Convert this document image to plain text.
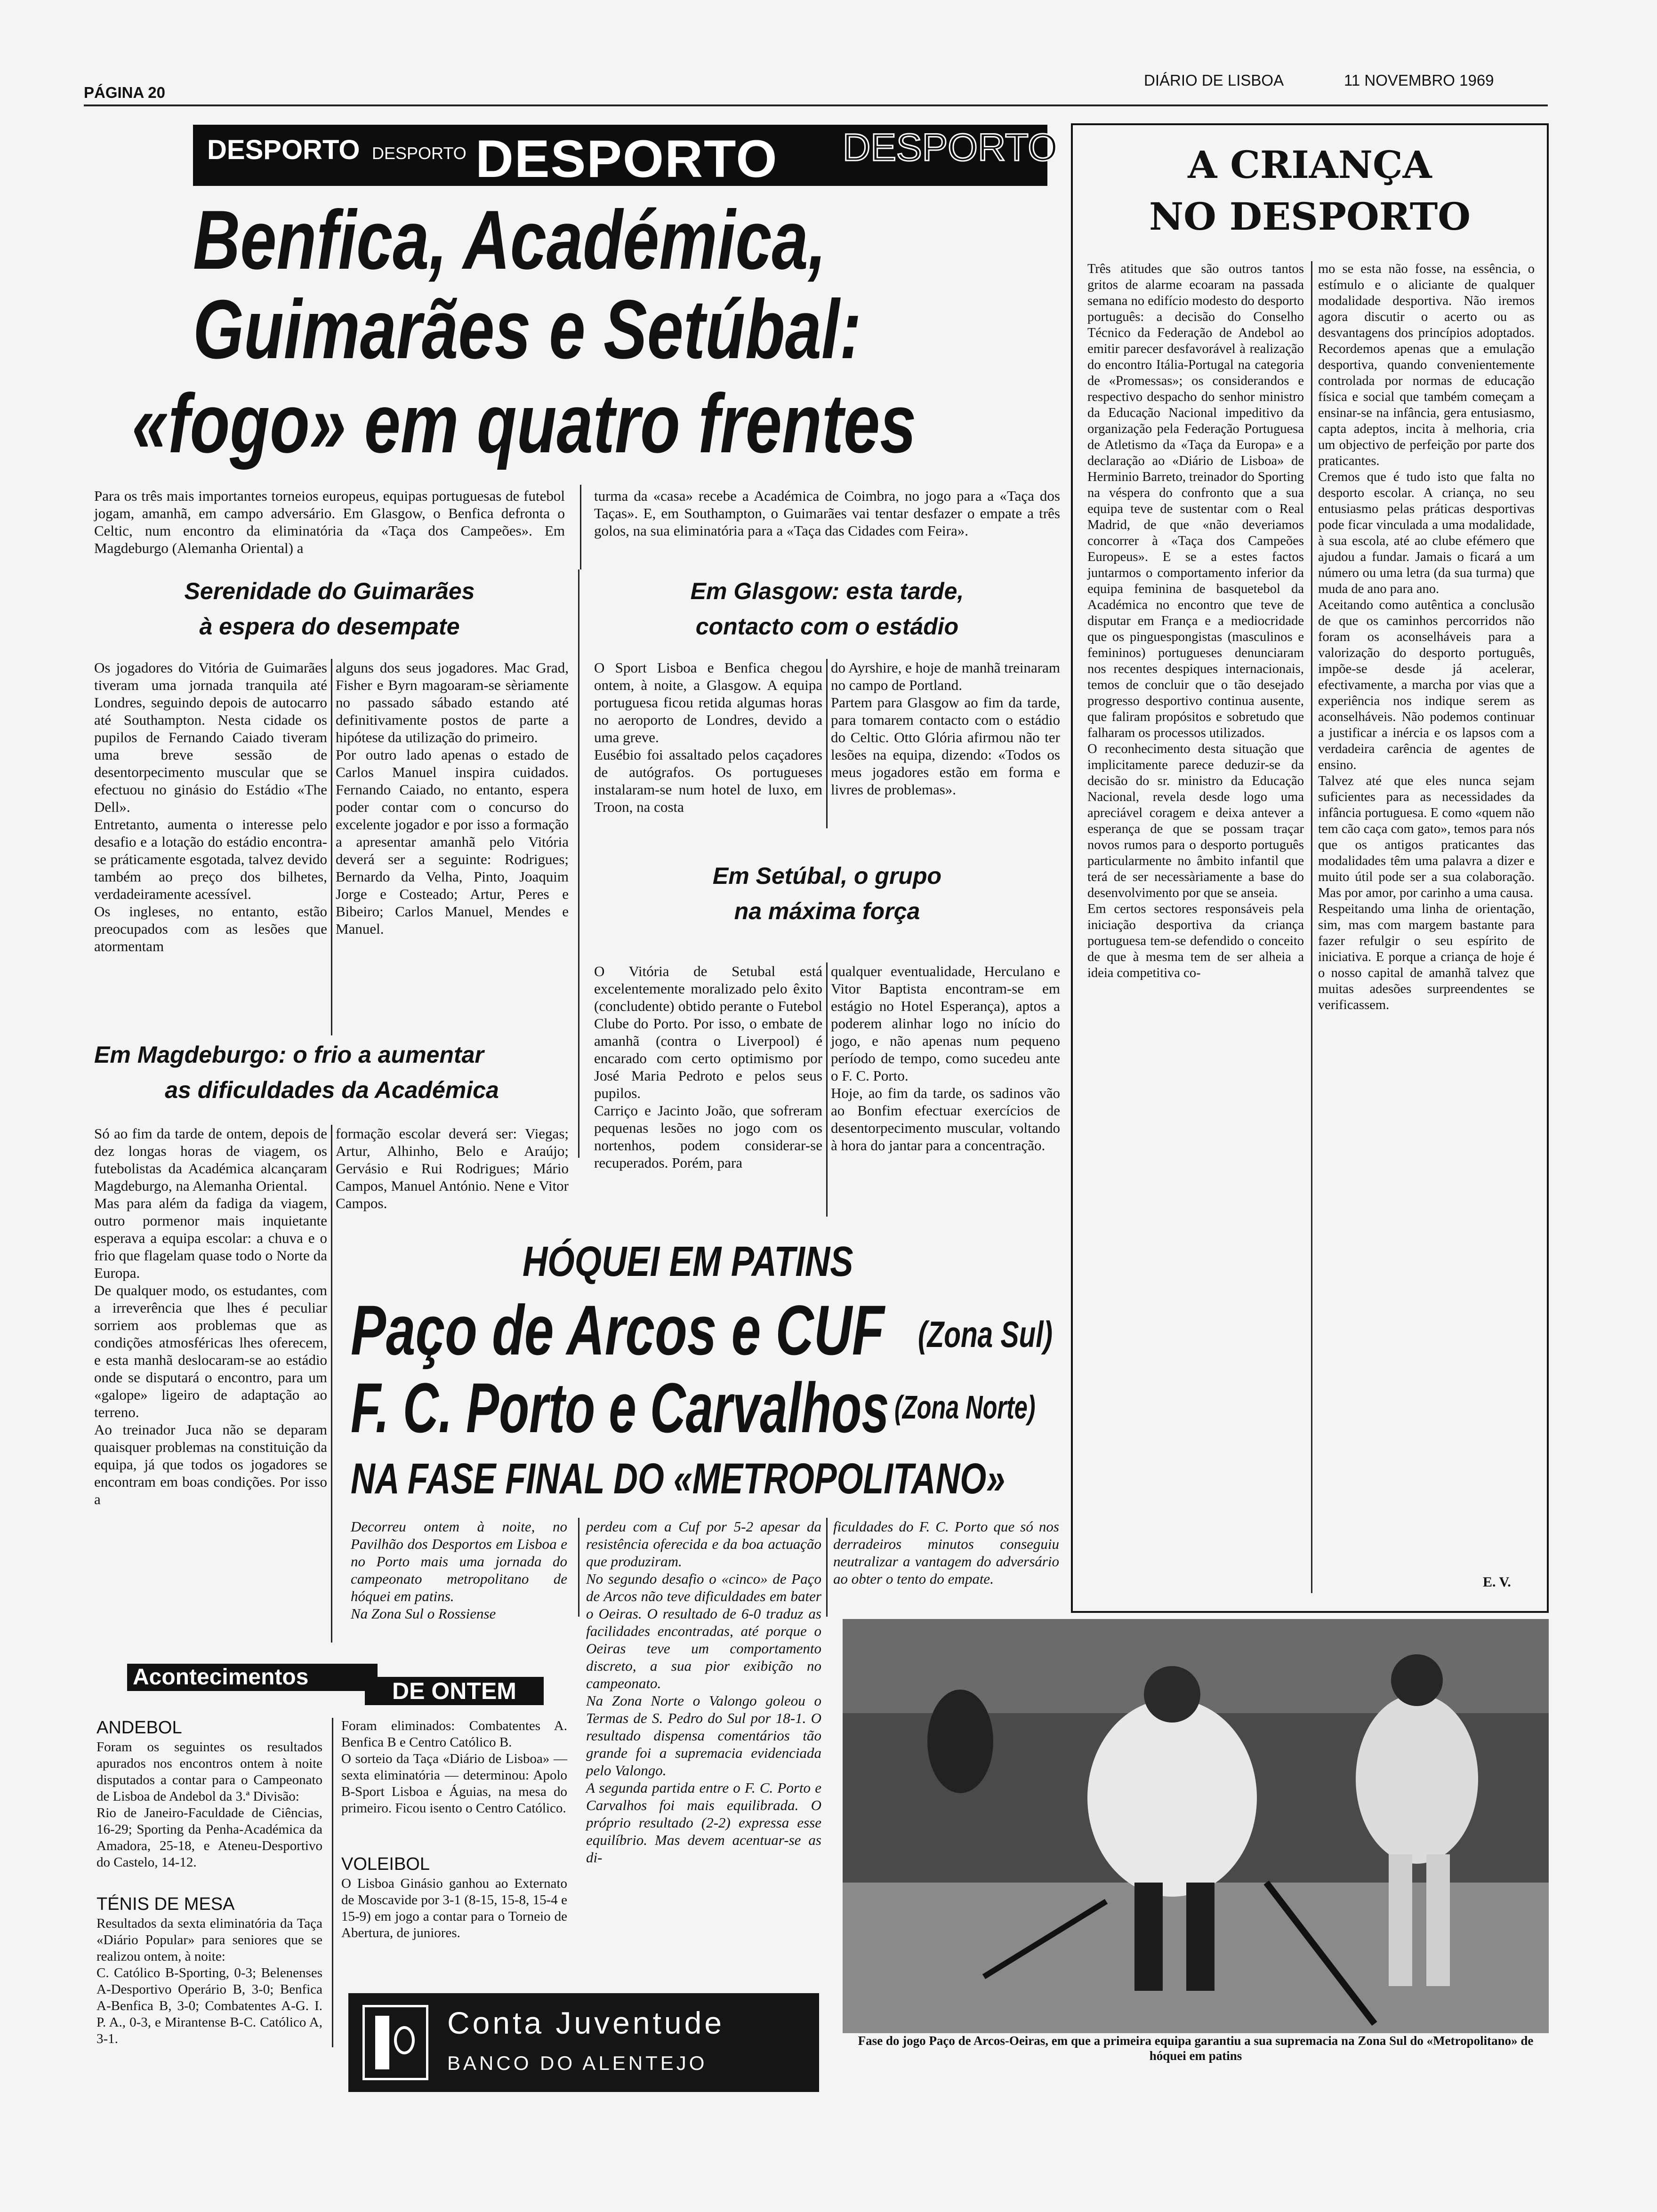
PÁGINA 20
DIÁRIO DE LISBOA	11 NOVEMBRO 1969
DESPORTO DESPORTO DESPORTO DESPORTO
Benfica, Académica,
Guimarães e Setúbal:
«fogo» em quatro frentes
Para os três mais importantes torneios europeus, equipas portuguesas de futebol jogam, amanhã, em campo adversário. Em Glasgow, o Benfica defronta o Celtic, num encontro da eliminatória da «Taça dos Campeões». Em Magdeburgo (Alemanha Oriental) a
turma da «casa» recebe a Académica de Coimbra, no jogo para a «Taça dos Taças». E, em Southampton, o Guimarães vai tentar desfazer o empate a três golos, na sua eliminatória para a «Taça das Cidades com Feira».
Serenidade do Guimarães
à espera do desempate
Os jogadores do Vitória de Guimarães tiveram uma jornada tranquila até Londres, seguindo depois de autocarro até Southampton. Nesta cidade os pupilos de Fernando Caiado tiveram uma breve sessão de desentorpecimento muscular que se efectuou no ginásio do Estádio «The Dell».
Entretanto, aumenta o interesse pelo desafio e a lotação do estádio encontra-se práticamente esgotada, talvez devido também ao preço dos bilhetes, verdadeiramente acessível.
Os ingleses, no entanto, estão preocupados com as lesões que atormentam
alguns dos seus jogadores. Mac Grad, Fisher e Byrn magoaram-se sèriamente no passado sábado estando até definitivamente postos de parte a hipótese da utilização do primeiro.
Por outro lado apenas o estado de Carlos Manuel inspira cuidados. Fernando Caiado, no entanto, espera poder contar com o concurso do excelente jogador e por isso a formação a apresentar amanhã pelo Vitória deverá ser a seguinte: Rodrigues; Bernardo da Velha, Pinto, Joaquim Jorge e Costeado; Artur, Peres e Bibeiro; Carlos Manuel, Mendes e Manuel.
Em Glasgow: esta tarde,
contacto com o estádio
O Sport Lisboa e Benfica chegou ontem, à noite, a Glasgow. A equipa portuguesa ficou retida algumas horas no aeroporto de Londres, devido a uma greve.
Eusébio foi assaltado pelos caçadores de autógrafos. Os portugueses instalaram-se num hotel de luxo, em Troon, na costa
do Ayrshire, e hoje de manhã treinaram no campo de Portland.
Partem para Glasgow ao fim da tarde, para tomarem contacto com o estádio do Celtic. Otto Glória afirmou não ter lesões na equipa, dizendo: «Todos os meus jogadores estão em forma e livres de problemas».
Em Setúbal, o grupo
na máxima força
O Vitória de Setubal está excelentemente moralizado pelo êxito (concludente) obtido perante o Futebol Clube do Porto. Por isso, o embate de amanhã (contra o Liverpool) é encarado com certo optimismo por José Maria Pedroto e pelos seus pupilos.
Carriço e Jacinto João, que sofreram pequenas lesões no jogo com os nortenhos, podem considerar-se recuperados. Porém, para
qualquer eventualidade, Herculano e Vitor Baptista encontram-se em estágio no Hotel Esperança), aptos a poderem alinhar logo no início do jogo, e não apenas num pequeno período de tempo, como sucedeu ante o F. C. Porto.
Hoje, ao fim da tarde, os sadinos vão ao Bonfim efectuar exercícios de desentorpecimento muscular, voltando à hora do jantar para a concentração.
Em Magdeburgo: o frio a aumentar
as dificuldades da Académica
Só ao fim da tarde de ontem, depois de dez longas horas de viagem, os futebolistas da Académica alcançaram Magdeburgo, na Alemanha Oriental.
Mas para além da fadiga da viagem, outro pormenor mais inquietante esperava a equipa escolar: a chuva e o frio que flagelam quase todo o Norte da Europa.
De qualquer modo, os estudantes, com a irreverência que lhes é peculiar sorriem aos problemas que as condições atmosféricas lhes oferecem, e esta manhã deslocaram-se ao estádio onde se disputará o encontro, para um «galope» ligeiro de adaptação ao terreno.
Ao treinador Juca não se deparam quaisquer problemas na constituição da equipa, já que todos os jogadores se encontram em boas condições. Por isso a
formação escolar deverá ser: Viegas; Artur, Alhinho, Belo e Araújo; Gervásio e Rui Rodrigues; Mário Campos, Manuel António. Nene e Vitor Campos.
HÓQUEI EM PATINS
Paço de Arcos e CUF (Zona Sul)
F. C. Porto e Carvalhos (Zona Norte)
NA FASE FINAL DO «METROPOLITANO»
Decorreu ontem à noite, no Pavilhão dos Desportos em Lisboa e no Porto mais uma jornada do campeonato metropolitano de hóquei em patins.
Na Zona Sul o Rossiense
perdeu com a Cuf por 5-2 apesar da resistência oferecida e da boa actuação que produziram.
No segundo desafio o «cinco» de Paço de Arcos não teve dificuldades em bater o Oeiras. O resultado de 6-0 traduz as facilidades encontradas, até porque o Oeiras teve um comportamento discreto, a sua pior exibição no campeonato.
Na Zona Norte o Valongo goleou o Termas de S. Pedro do Sul por 18-1. O resultado dispensa comentários tão grande foi a supremacia evidenciada pelo Valongo.
A segunda partida entre o F. C. Porto e Carvalhos foi mais equilibrada. O próprio resultado (2-2) expressa esse equilíbrio. Mas devem acentuar-se as di-
ficuldades do F. C. Porto que só nos derradeiros minutos conseguiu neutralizar a vantagem do adversário ao obter o tento do empate.
Fase do jogo Paço de Arcos-Oeiras, em que a primeira equipa garantiu a sua supremacia na Zona Sul do «Metropolitano» de hóquei em patins
Acontecimentos
DE ONTEM
ANDEBOL
Foram os seguintes os resultados apurados nos encontros ontem à noite disputados a contar para o Campeonato de Lisboa de Andebol da 3.ª Divisão:
Rio de Janeiro-Faculdade de Ciências, 16-29; Sporting da Penha-Académica da Amadora, 25-18, e Ateneu-Desportivo do Castelo, 14-12.
TÉNIS DE MESA
Resultados da sexta eliminatória da Taça «Diário Popular» para seniores que se realizou ontem, à noite:
C. Católico B-Sporting, 0-3; Belenenses A-Desportivo Operário B, 3-0; Benfica A-Benfica B, 3-0; Combatentes A-G. I. P. A., 0-3, e Mirantense B-C. Católico A, 3-1.
Foram eliminados: Combatentes A. Benfica B e Centro Católico B.
O sorteio da Taça «Diário de Lisboa» — sexta eliminatória — determinou: Apolo B-Sport Lisboa e Águias, na mesa do primeiro. Ficou isento o Centro Católico.
VOLEIBOL
O Lisboa Ginásio ganhou ao Externato de Moscavide por 3-1 (8-15, 15-8, 15-4 e 15-9) em jogo a contar para o Torneio de Abertura, de juniores.
Conta Juventude
BANCO DO ALENTEJO
A CRIANÇA
NO DESPORTO
Três atitudes que são outros tantos gritos de alarme ecoaram na passada semana no edifício modesto do desporto português: a decisão do Conselho Técnico da Federação de Andebol ao emitir parecer desfavorável à realização do encontro Itália-Portugal na categoria de «Promessas»; os considerandos e respectivo despacho do senhor ministro da Educação Nacional impeditivo da organização pela Federação Portuguesa de Atletismo da «Taça da Europa» e a declaração ao «Diário de Lisboa» de Herminio Barreto, treinador do Sporting na véspera do confronto que a sua equipa teve de sustentar com o Real Madrid, de que «não deveriamos concorrer à «Taça dos Campeões Europeus». E se a estes factos juntarmos o comportamento inferior da equipa feminina de basquetebol da Académica no encontro que teve de disputar em França e a mediocridade que os pinguespongistas (masculinos e femininos) portugueses denunciaram nos recentes despiques internacionais, temos de concluir que o tão desejado progresso desportivo continua ausente, que faliram propósitos e sobretudo que falharam os processos utilizados.
O reconhecimento desta situação que implicitamente parece deduzir-se da decisão do sr. ministro da Educação Nacional, revela desde logo uma apreciável coragem e deixa antever a esperança de que se possam traçar novos rumos para o desporto português particularmente no âmbito infantil que terá de ser necessàriamente a base do desenvolvimento por que se anseia.
Em certos sectores responsáveis pela iniciação desportiva da criança portuguesa tem-se defendido o conceito de que à mesma tem de ser alheia a ideia competitiva co-
mo se esta não fosse, na essência, o estímulo e o aliciante de qualquer modalidade desportiva. Não iremos agora discutir o acerto ou as desvantagens dos princípios adoptados. Recordemos apenas que a emulação desportiva, quando convenientemente controlada por normas de educação física e social que também começam a ensinar-se na infância, gera entusiasmo, capta adeptos, incita à melhoria, cria um objectivo de perfeição por parte dos praticantes.
Cremos que é tudo isto que falta no desporto escolar. A criança, no seu entusiasmo pelas práticas desportivas pode ficar vinculada a uma modalidade, à sua escola, até ao clube efémero que ajudou a fundar. Jamais o ficará a um número ou uma letra (da sua turma) que muda de ano para ano.
Aceitando como autêntica a conclusão de que os caminhos percorridos não foram os aconselháveis para a valorização do desporto português, impõe-se desde já acelerar, efectivamente, a marcha por vias que a experiência nos indique serem as aconselháveis. Não podemos continuar a justificar a inércia e os lapsos com a verdadeira carência de agentes de ensino.
Talvez até que eles nunca sejam suficientes para as necessidades da infância portuguesa. E como «quem não tem cão caça com gato», temos para nós que os antigos praticantes das modalidades têm uma palavra a dizer e muito útil pode ser a sua colaboração. Mas por amor, por carinho a uma causa.
Respeitando uma linha de orientação, sim, mas com margem bastante para fazer refulgir o seu espírito de iniciativa. E porque a criança de hoje é o nosso capital de amanhã talvez que muitas adesões surpreendentes se verificassem.
E. V.
